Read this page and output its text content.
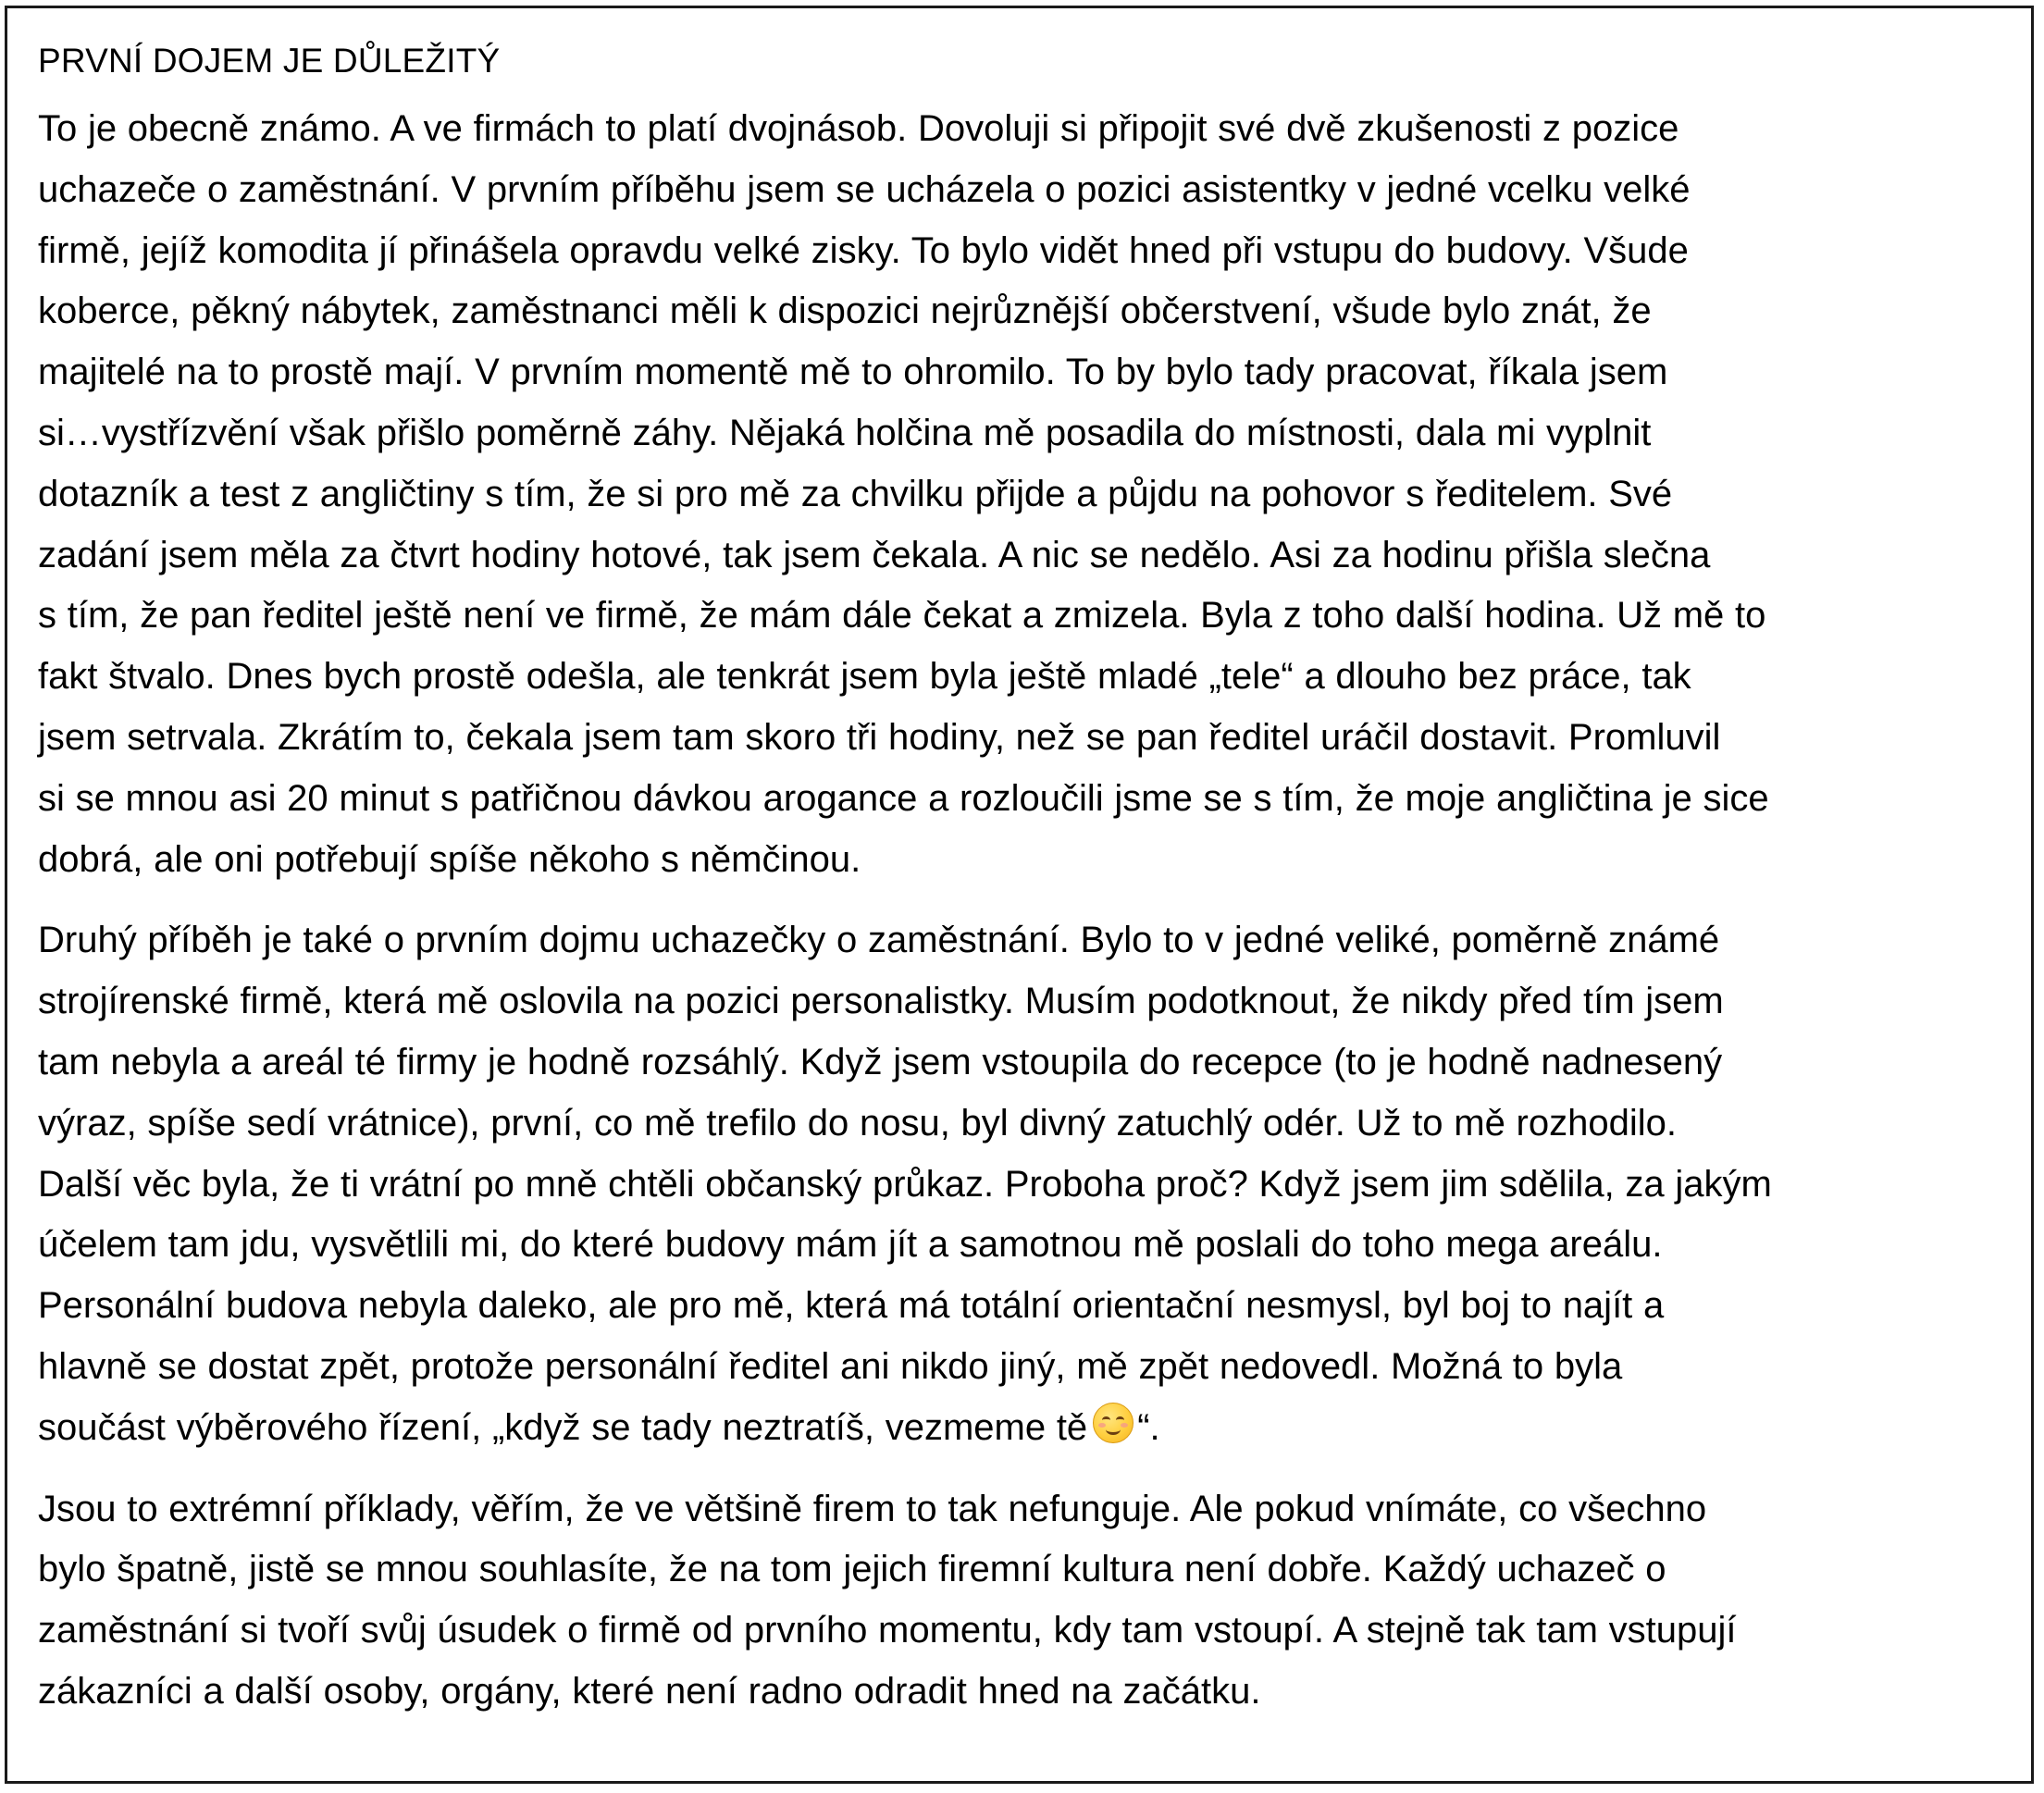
PRVNÍ DOJEM JE DŮLEŽITÝ
To je obecně známo. A ve firmách to platí dvojnásob. Dovoluji si připojit své dvě zkušenosti z pozice
uchazeče o zaměstnání. V prvním příběhu jsem se ucházela o pozici asistentky v jedné vcelku velké
firmě, jejíž komodita jí přinášela opravdu velké zisky. To bylo vidět hned při vstupu do budovy. Všude
koberce, pěkný nábytek, zaměstnanci měli k dispozici nejrůznější občerstvení, všude bylo znát, že
majitelé na to prostě mají. V prvním momentě mě to ohromilo. To by bylo tady pracovat, říkala jsem
si…vystřízvění však přišlo poměrně záhy. Nějaká holčina mě posadila do místnosti, dala mi vyplnit
dotazník a test z angličtiny s tím, že si pro mě za chvilku přijde a půjdu na pohovor s ředitelem. Své
zadání jsem měla za čtvrt hodiny hotové, tak jsem čekala. A nic se nedělo. Asi za hodinu přišla slečna
s tím, že pan ředitel ještě není ve firmě, že mám dále čekat a zmizela. Byla z toho další hodina. Už mě to
fakt štvalo. Dnes bych prostě odešla, ale tenkrát jsem byla ještě mladé „tele“ a dlouho bez práce, tak
jsem setrvala. Zkrátím to, čekala jsem tam skoro tři hodiny, než se pan ředitel uráčil dostavit. Promluvil
si se mnou asi 20 minut s patřičnou dávkou arogance a rozloučili jsme se s tím, že moje angličtina je sice
dobrá, ale oni potřebují spíše někoho s němčinou.
Druhý příběh je také o prvním dojmu uchazečky o zaměstnání. Bylo to v jedné veliké, poměrně známé
strojírenské firmě, která mě oslovila na pozici personalistky. Musím podotknout, že nikdy před tím jsem
tam nebyla a areál té firmy je hodně rozsáhlý. Když jsem vstoupila do recepce (to je hodně nadnesený
výraz, spíše sedí vrátnice), první, co mě trefilo do nosu, byl divný zatuchlý odér. Už to mě rozhodilo.
Další věc byla, že ti vrátní po mně chtěli občanský průkaz. Proboha proč? Když jsem jim sdělila, za jakým
účelem tam jdu, vysvětlili mi, do které budovy mám jít a samotnou mě poslali do toho mega areálu.
Personální budova nebyla daleko, ale pro mě, která má totální orientační nesmysl, byl boj to najít a
hlavně se dostat zpět, protože personální ředitel ani nikdo jiný, mě zpět nedovedl. Možná to byla
součást výběrového řízení, „když se tady neztratíš, vezmeme tě “.
Jsou to extrémní příklady, věřím, že ve většině firem to tak nefunguje. Ale pokud vnímáte, co všechno
bylo špatně, jistě se mnou souhlasíte, že na tom jejich firemní kultura není dobře. Každý uchazeč o
zaměstnání si tvoří svůj úsudek o firmě od prvního momentu, kdy tam vstoupí. A stejně tak tam vstupují
zákazníci a další osoby, orgány, které není radno odradit hned na začátku.
